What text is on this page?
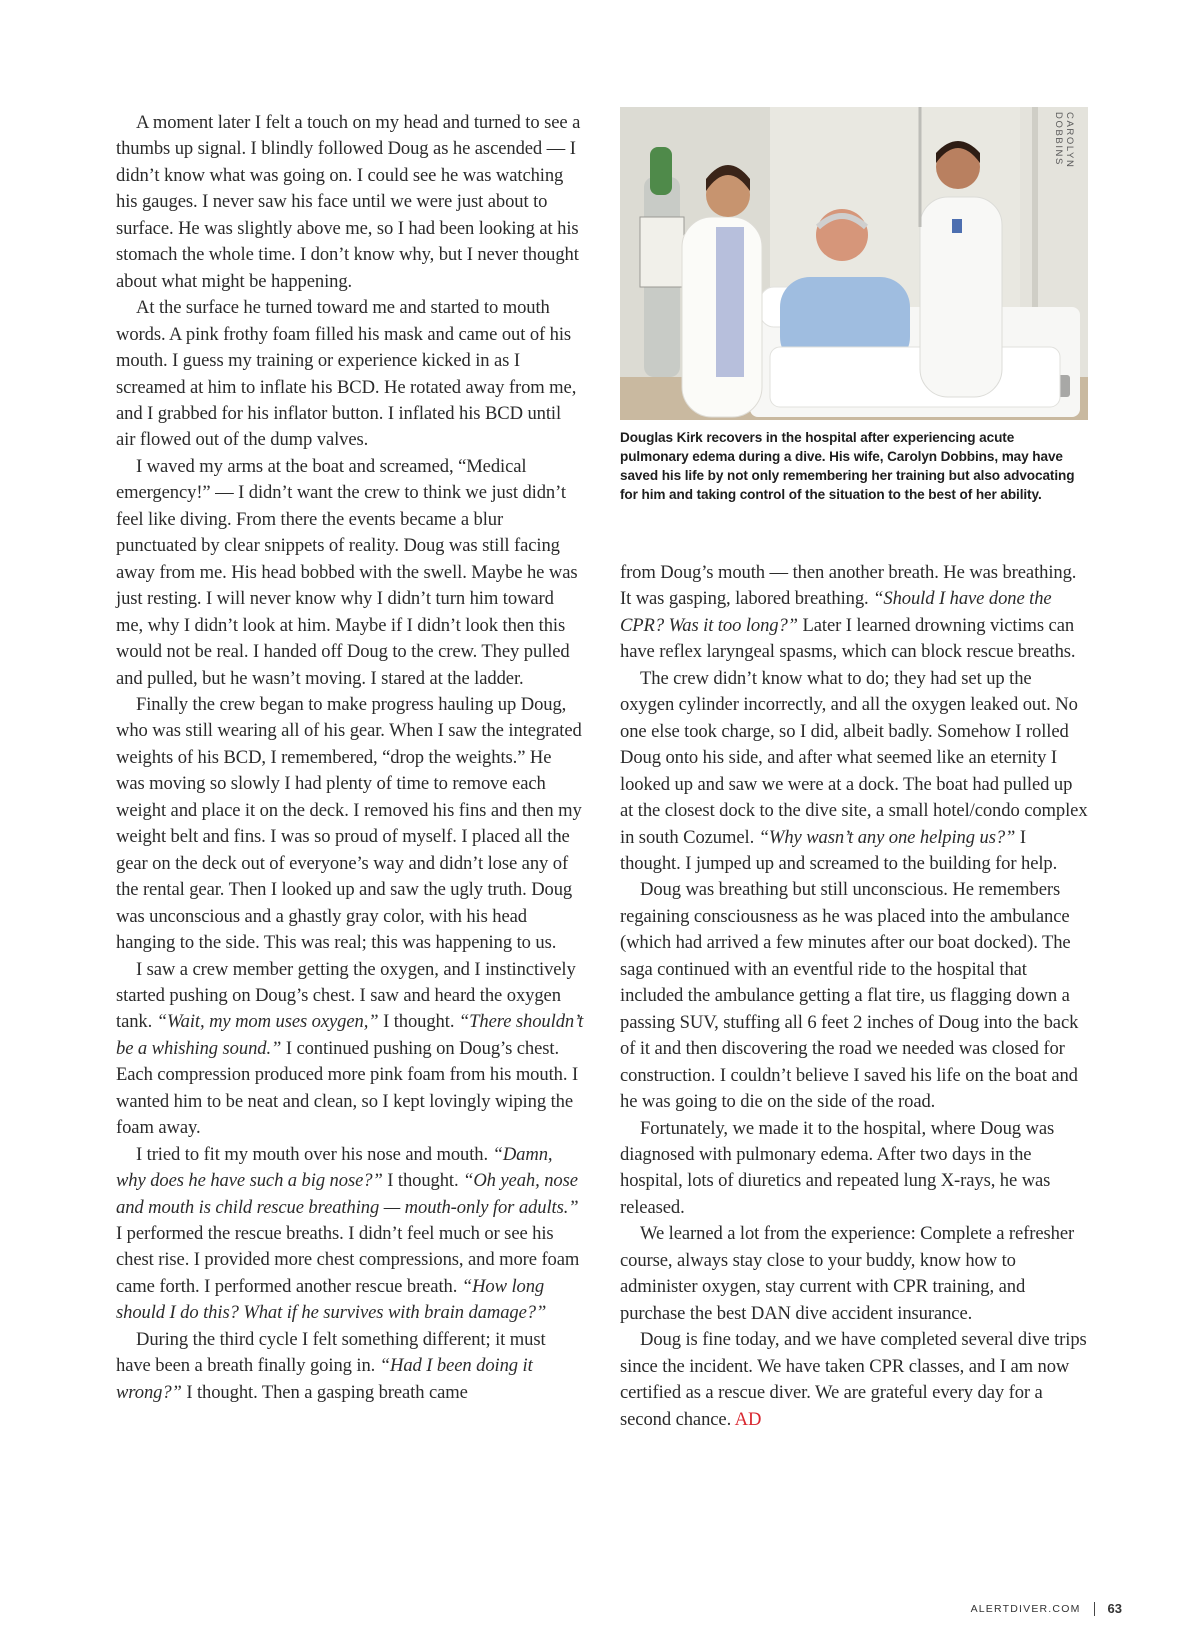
A moment later I felt a touch on my head and turned to see a thumbs up signal. I blindly followed Doug as he ascended — I didn’t know what was going on. I could see he was watching his gauges. I never saw his face until we were just about to surface. He was slightly above me, so I had been looking at his stomach the whole time. I don’t know why, but I never thought about what might be happening.

At the surface he turned toward me and started to mouth words. A pink frothy foam filled his mask and came out of his mouth. I guess my training or experience kicked in as I screamed at him to inflate his BCD. He rotated away from me, and I grabbed for his inflator button. I inflated his BCD until air flowed out of the dump valves.

I waved my arms at the boat and screamed, “Medical emergency!” — I didn’t want the crew to think we just didn’t feel like diving. From there the events became a blur punctuated by clear snippets of reality. Doug was still facing away from me. His head bobbed with the swell. Maybe he was just resting. I will never know why I didn’t turn him toward me, why I didn’t look at him. Maybe if I didn’t look then this would not be real. I handed off Doug to the crew. They pulled and pulled, but he wasn’t moving. I stared at the ladder.

Finally the crew began to make progress hauling up Doug, who was still wearing all of his gear. When I saw the integrated weights of his BCD, I remembered, “drop the weights.” He was moving so slowly I had plenty of time to remove each weight and place it on the deck. I removed his fins and then my weight belt and fins. I was so proud of myself. I placed all the gear on the deck out of everyone’s way and didn’t lose any of the rental gear. Then I looked up and saw the ugly truth. Doug was unconscious and a ghastly gray color, with his head hanging to the side. This was real; this was happening to us.

I saw a crew member getting the oxygen, and I instinctively started pushing on Doug’s chest. I saw and heard the oxygen tank. “Wait, my mom uses oxygen,” I thought. “There shouldn’t be a whishing sound.” I continued pushing on Doug’s chest. Each compression produced more pink foam from his mouth. I wanted him to be neat and clean, so I kept lovingly wiping the foam away.

I tried to fit my mouth over his nose and mouth. “Damn, why does he have such a big nose?” I thought. “Oh yeah, nose and mouth is child rescue breathing — mouth-only for adults.” I performed the rescue breaths. I didn’t feel much or see his chest rise. I provided more chest compressions, and more foam came forth. I performed another rescue breath. “How long should I do this? What if he survives with brain damage?”

During the third cycle I felt something different; it must have been a breath finally going in. “Had I been doing it wrong?” I thought. Then a gasping breath came

CAROLYN DOBBINS
Douglas Kirk recovers in the hospital after experiencing acute pulmonary edema during a dive. His wife, Carolyn Dobbins, may have saved his life by not only remembering her training but also advocating for him and taking control of the situation to the best of her ability.

from Doug’s mouth — then another breath. He was breathing. It was gasping, labored breathing. “Should I have done the CPR? Was it too long?” Later I learned drowning victims can have reflex laryngeal spasms, which can block rescue breaths.

The crew didn’t know what to do; they had set up the oxygen cylinder incorrectly, and all the oxygen leaked out. No one else took charge, so I did, albeit badly. Somehow I rolled Doug onto his side, and after what seemed like an eternity I looked up and saw we were at a dock. The boat had pulled up at the closest dock to the dive site, a small hotel/condo complex in south Cozumel. “Why wasn’t any one helping us?” I thought. I jumped up and screamed to the building for help.

Doug was breathing but still unconscious. He remembers regaining consciousness as he was placed into the ambulance (which had arrived a few minutes after our boat docked). The saga continued with an eventful ride to the hospital that included the ambulance getting a flat tire, us flagging down a passing SUV, stuffing all 6 feet 2 inches of Doug into the back of it and then discovering the road we needed was closed for construction. I couldn’t believe I saved his life on the boat and he was going to die on the side of the road.

Fortunately, we made it to the hospital, where Doug was diagnosed with pulmonary edema. After two days in the hospital, lots of diuretics and repeated lung X-rays, he was released.

We learned a lot from the experience: Complete a refresher course, always stay close to your buddy, know how to administer oxygen, stay current with CPR training, and purchase the best DAN dive accident insurance.

Doug is fine today, and we have completed several dive trips since the incident. We have taken CPR classes, and I am now certified as a rescue diver. We are grateful every day for a second chance. AD

ALERTDIVER.COM 63
